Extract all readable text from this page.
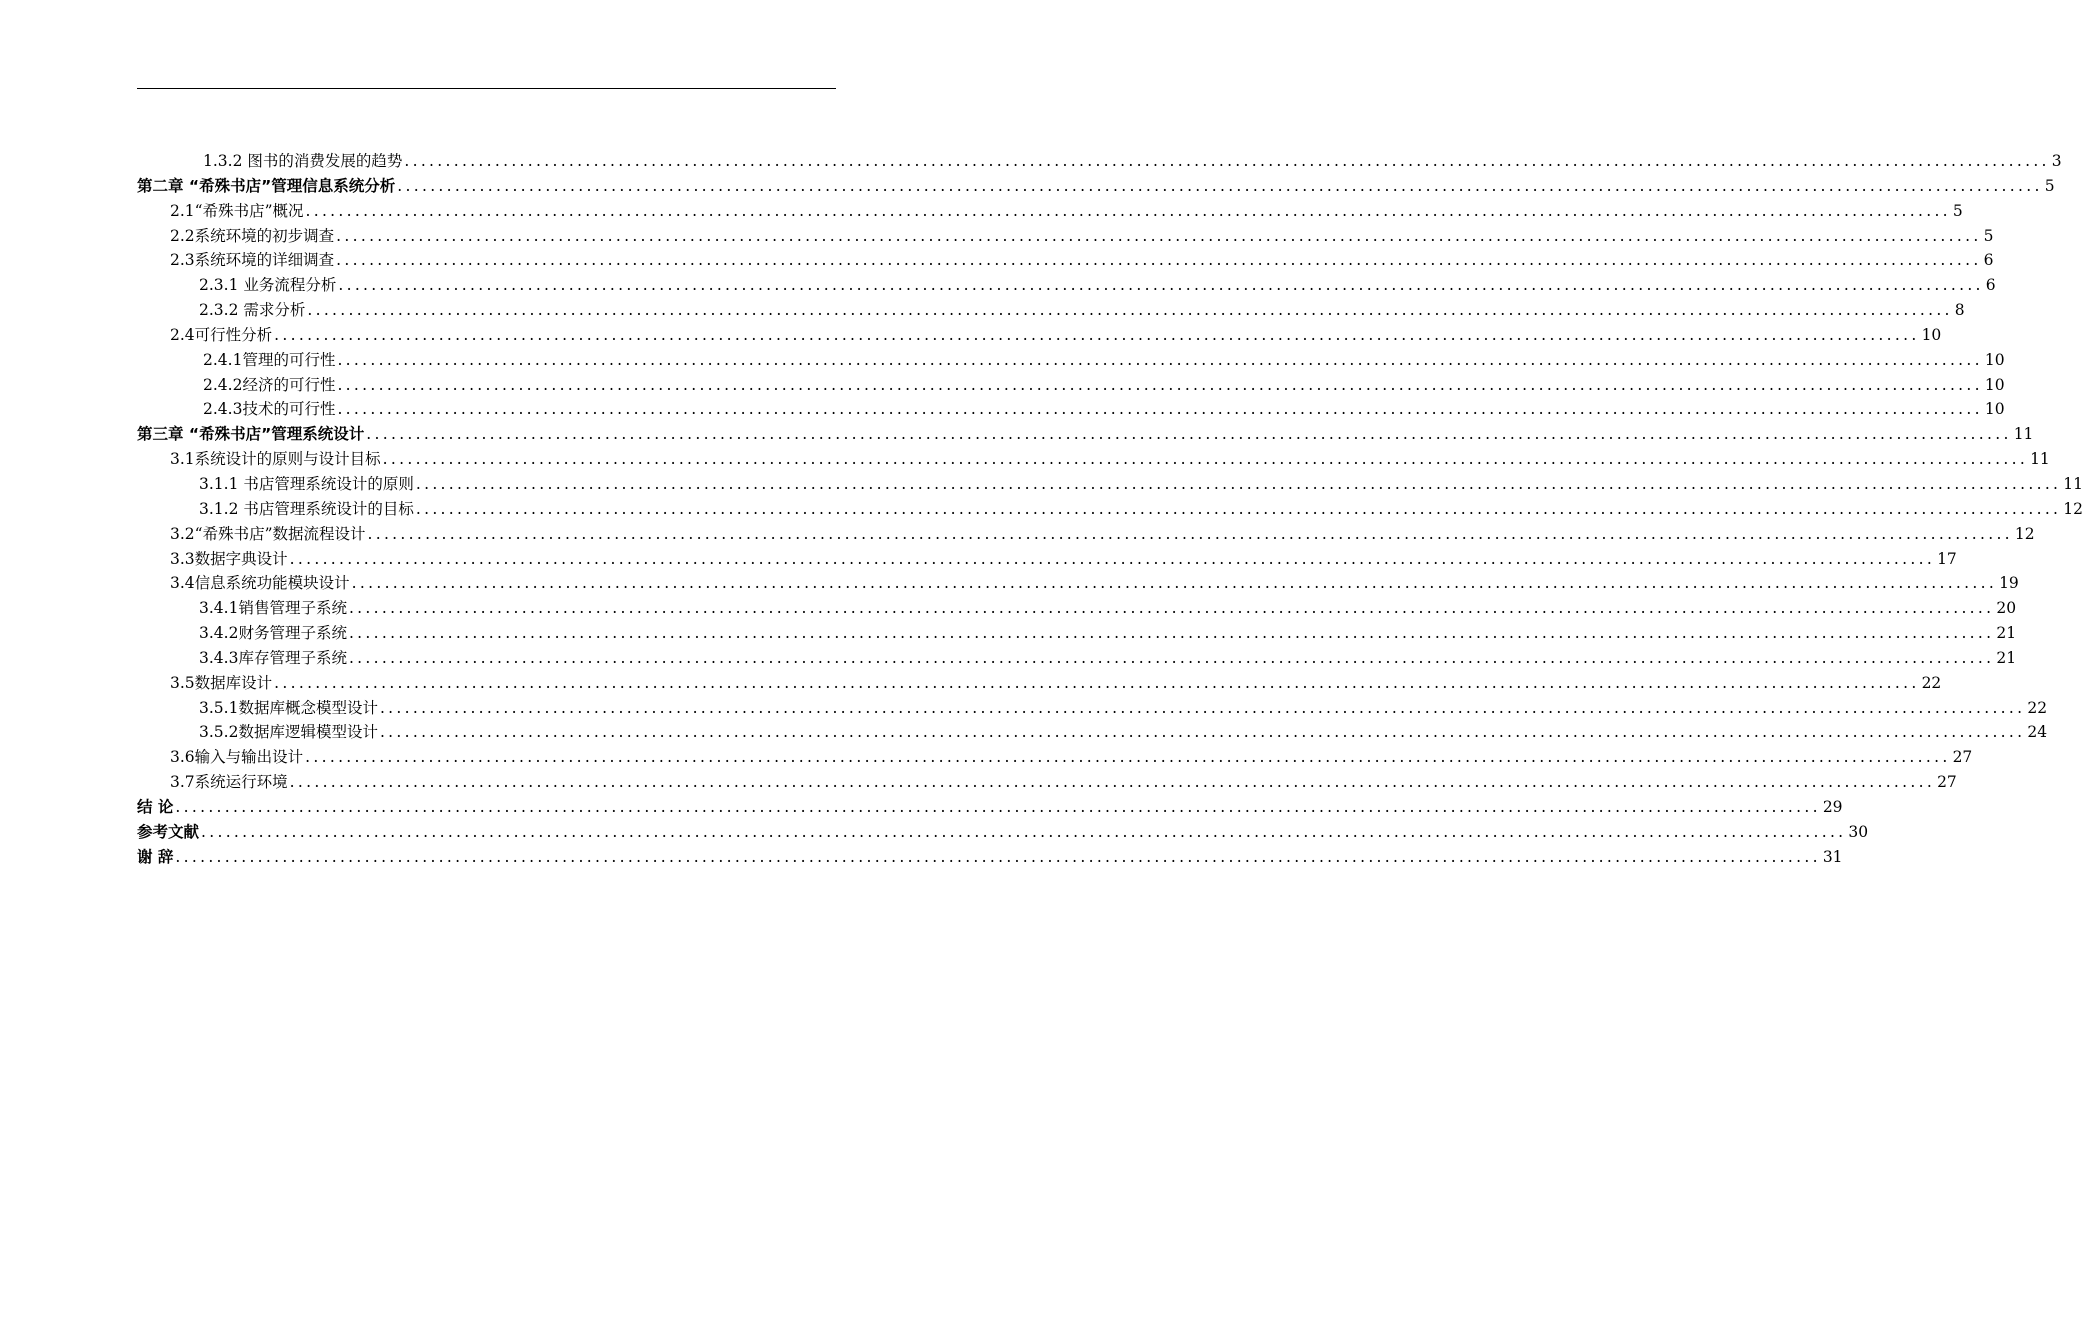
1.3.2 图书的消费发展的趋势 ........................................................................................................................................................................................................ 3
第二章 “希殊书店”管理信息系统分析 ........................................................................................................................................................................................................ 5
2.1“希殊书店”概况 ........................................................................................................................................................................................................ 5
2.2系统环境的初步调查 ........................................................................................................................................................................................................ 5
2.3系统环境的详细调查 ........................................................................................................................................................................................................ 6
2.3.1 业务流程分析 ........................................................................................................................................................................................................ 6
2.3.2 需求分析 ........................................................................................................................................................................................................ 8
2.4可行性分析 ........................................................................................................................................................................................................ 10
2.4.1管理的可行性 ........................................................................................................................................................................................................ 10
2.4.2经济的可行性 ........................................................................................................................................................................................................ 10
2.4.3技术的可行性 ........................................................................................................................................................................................................ 10
第三章 “希殊书店”管理系统设计 ........................................................................................................................................................................................................ 11
3.1系统设计的原则与设计目标 ........................................................................................................................................................................................................ 11
3.1.1 书店管理系统设计的原则 ........................................................................................................................................................................................................ 11
3.1.2 书店管理系统设计的目标 ........................................................................................................................................................................................................ 12
3.2“希殊书店”数据流程设计 ........................................................................................................................................................................................................ 12
3.3数据字典设计 ........................................................................................................................................................................................................ 17
3.4信息系统功能模块设计 ........................................................................................................................................................................................................ 19
3.4.1销售管理子系统 ........................................................................................................................................................................................................ 20
3.4.2财务管理子系统 ........................................................................................................................................................................................................ 21
3.4.3库存管理子系统 ........................................................................................................................................................................................................ 21
3.5数据库设计 ........................................................................................................................................................................................................ 22
3.5.1数据库概念模型设计 ........................................................................................................................................................................................................ 22
3.5.2数据库逻辑模型设计 ........................................................................................................................................................................................................ 24
3.6输入与输出设计 ........................................................................................................................................................................................................ 27
3.7系统运行环境 ........................................................................................................................................................................................................ 27
结 论 ........................................................................................................................................................................................................ 29
参考文献 ........................................................................................................................................................................................................ 30
谢 辞 ........................................................................................................................................................................................................ 31
